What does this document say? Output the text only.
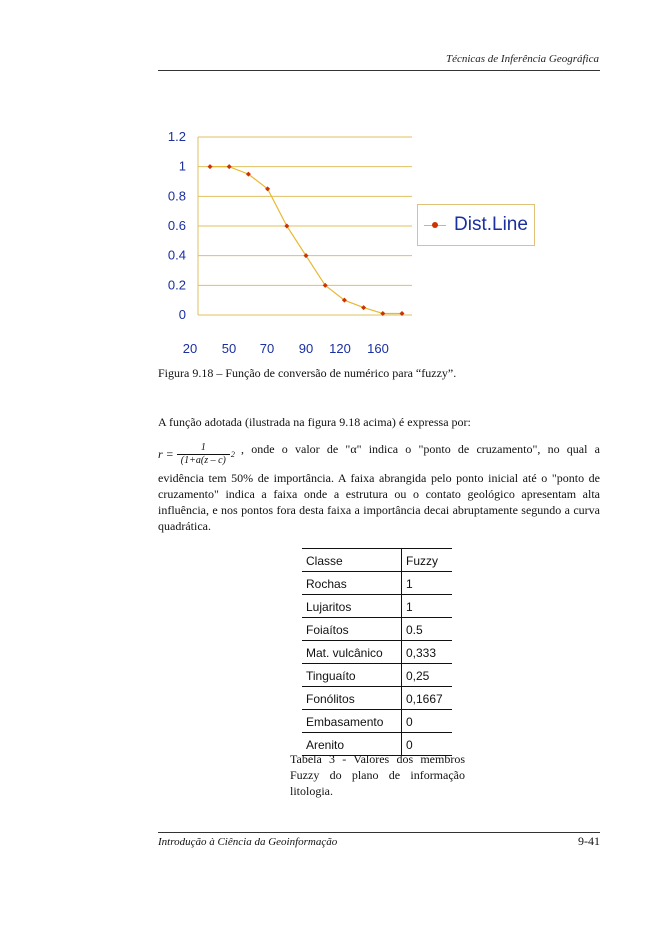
Técnicas de Inferência Geográfica
1.2
1
0.8
0.6
0.4
0.2
0
20 50 70 90 120 160
Dist.Line
Figura 9.18 – Função de conversão de numérico para “fuzzy”.
A função adotada (ilustrada na figura 9.18 acima) é expressa por:
$r = \frac{1}{(1+a(z - c)} 2$ , onde o valor de "α" indica o "ponto de cruzamento", no qual a
evidência tem 50% de importância. A faixa abrangida pelo ponto inicial até o "ponto de cruzamento" indica a faixa onde a estrutura ou o contato geológico apresentam alta influência, e nos pontos fora desta faixa a importância decai abruptamente segundo a curva quadrática.
Classe	Fuzzy
Rochas	1
Lujaritos	1
Foiaítos	0.5
Mat. vulcânico	0,333
Tinguaíto	0,25
Fonólitos	0,1667
Embasamento	0
Arenito	0
Tabela 3 - Valores dos membros
Fuzzy do plano de informação
litologia.
Introdução à Ciência da Geoinformação	9-41
